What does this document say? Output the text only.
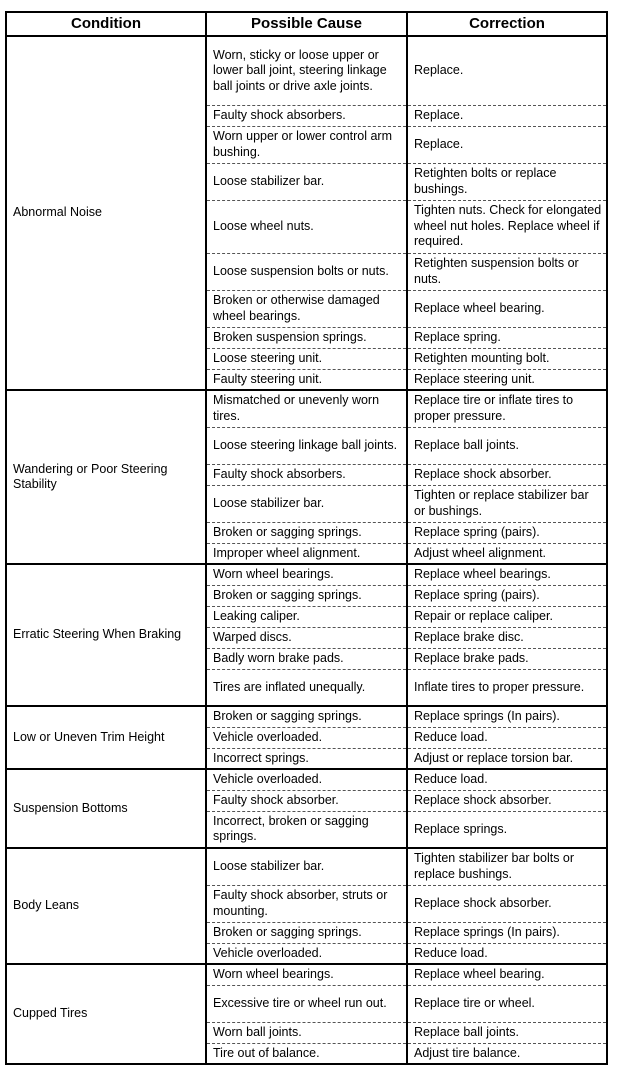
Condition	Possible Cause	Correction
Abnormal Noise	Worn, sticky or loose upper or lower ball joint, steering linkage ball joints or drive axle joints.	Replace.
	Faulty shock absorbers.	Replace.
	Worn upper or lower control arm bushing.	Replace.
	Loose stabilizer bar.	Retighten bolts or replace bushings.
	Loose wheel nuts.	Tighten nuts. Check for elongated wheel nut holes. Replace wheel if required.
	Loose suspension bolts or nuts.	Retighten suspension bolts or nuts.
	Broken or otherwise damaged wheel bearings.	Replace wheel bearing.
	Broken suspension springs.	Replace spring.
	Loose steering unit.	Retighten mounting bolt.
	Faulty steering unit.	Replace steering unit.
Wandering or Poor Steering Stability	Mismatched or unevenly worn tires.	Replace tire or inflate tires to proper pressure.
	Loose steering linkage ball joints.	Replace ball joints.
	Faulty shock absorbers.	Replace shock absorber.
	Loose stabilizer bar.	Tighten or replace stabilizer bar or bushings.
	Broken or sagging springs.	Replace spring (pairs).
	Improper wheel alignment.	Adjust wheel alignment.
Erratic Steering When Braking	Worn wheel bearings.	Replace wheel bearings.
	Broken or sagging springs.	Replace spring (pairs).
	Leaking caliper.	Repair or replace caliper.
	Warped discs.	Replace brake disc.
	Badly worn brake pads.	Replace brake pads.
	Tires are inflated unequally.	Inflate tires to proper pressure.
Low or Uneven Trim Height	Broken or sagging springs.	Replace springs (In pairs).
	Vehicle overloaded.	Reduce load.
	Incorrect springs.	Adjust or replace torsion bar.
Suspension Bottoms	Vehicle overloaded.	Reduce load.
	Faulty shock absorber.	Replace shock absorber.
	Incorrect, broken or sagging springs.	Replace springs.
Body Leans	Loose stabilizer bar.	Tighten stabilizer bar bolts or replace bushings.
	Faulty shock absorber, struts or mounting.	Replace shock absorber.
	Broken or sagging springs.	Replace springs (In pairs).
	Vehicle overloaded.	Reduce load.
Cupped Tires	Worn wheel bearings.	Replace wheel bearing.
	Excessive tire or wheel run out.	Replace tire or wheel.
	Worn ball joints.	Replace ball joints.
	Tire out of balance.	Adjust tire balance.
